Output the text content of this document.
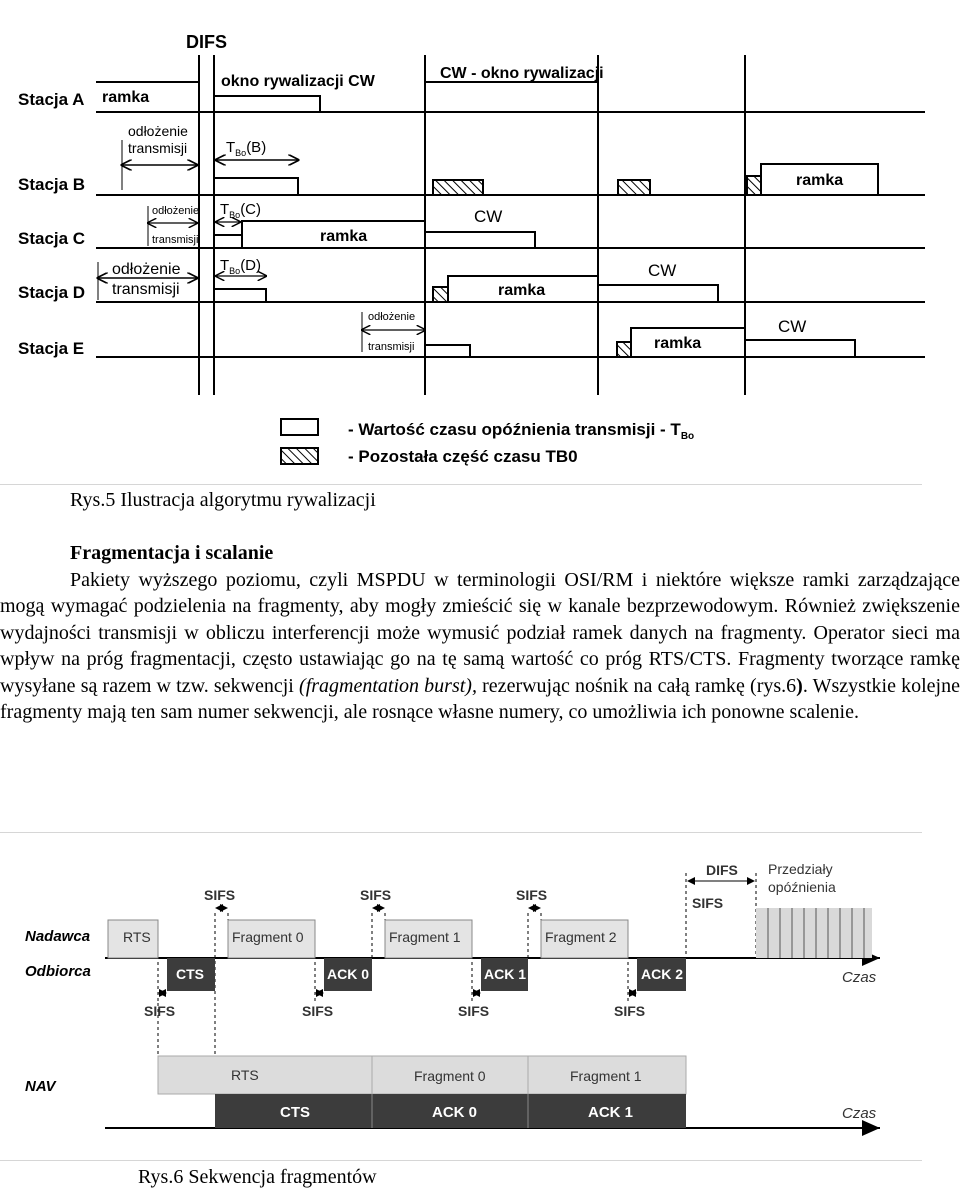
DIFS
Stacja A
Stacja B
Stacja C
Stacja D
Stacja E
ramka
okno rywalizacji CW	CW - okno rywalizacji
odłożenie
transmisji	$T_{Bo}(B)$
ramka
odłożenie
transmisji
$T_{Bo}(C)$
ramka
CW
odłożenie
transmisji
$T_{Bo}(D)$
ramka
CW
odłożenie
transmisji	ramka
CW
- Wartość czasu opóźnienia transmisji - $T_{Bo}$
- Pozostała część czasu TB0
Rys.5 Ilustracja algorytmu rywalizacji

Fragmentacja i scalanie

Pakiety wyższego poziomu, czyli MSPDU w terminologii OSI/RM i niektóre większe ramki zarządzające mogą wymagać podzielenia na fragmenty, aby mogły zmieścić się w kanale bezprzewodowym. Również zwiększenie wydajności transmisji w obliczu interferencji może wymusić podział ramek danych na fragmenty. Operator sieci ma wpływ na próg fragmentacji, często ustawiając go na tę samą wartość co próg RTS/CTS. Fragmenty tworzące ramkę wysyłane są razem w tzw. sekwencji (fragmentation burst), rezerwując nośnik na całą ramkę (rys.6). Wszystkie kolejne fragmenty mają ten sam numer sekwencji, ale rosnące własne numery, co umożliwia ich ponowne scalenie.

Nadawca
Odbiorca
NAV
Czas
Czas
SIFS	SIFS	SIFS	SIFS
SIFS	SIFS	SIFS	SIFS
DIFS Przedziały
opóźnienia
RTS	Fragment 0	Fragment 1	Fragment 2
CTS	ACK 0	ACK 1	ACK 2
RTS	Fragment 0	Fragment 1
CTS	ACK 0	ACK 1
Rys.6 Sekwencja fragmentów
